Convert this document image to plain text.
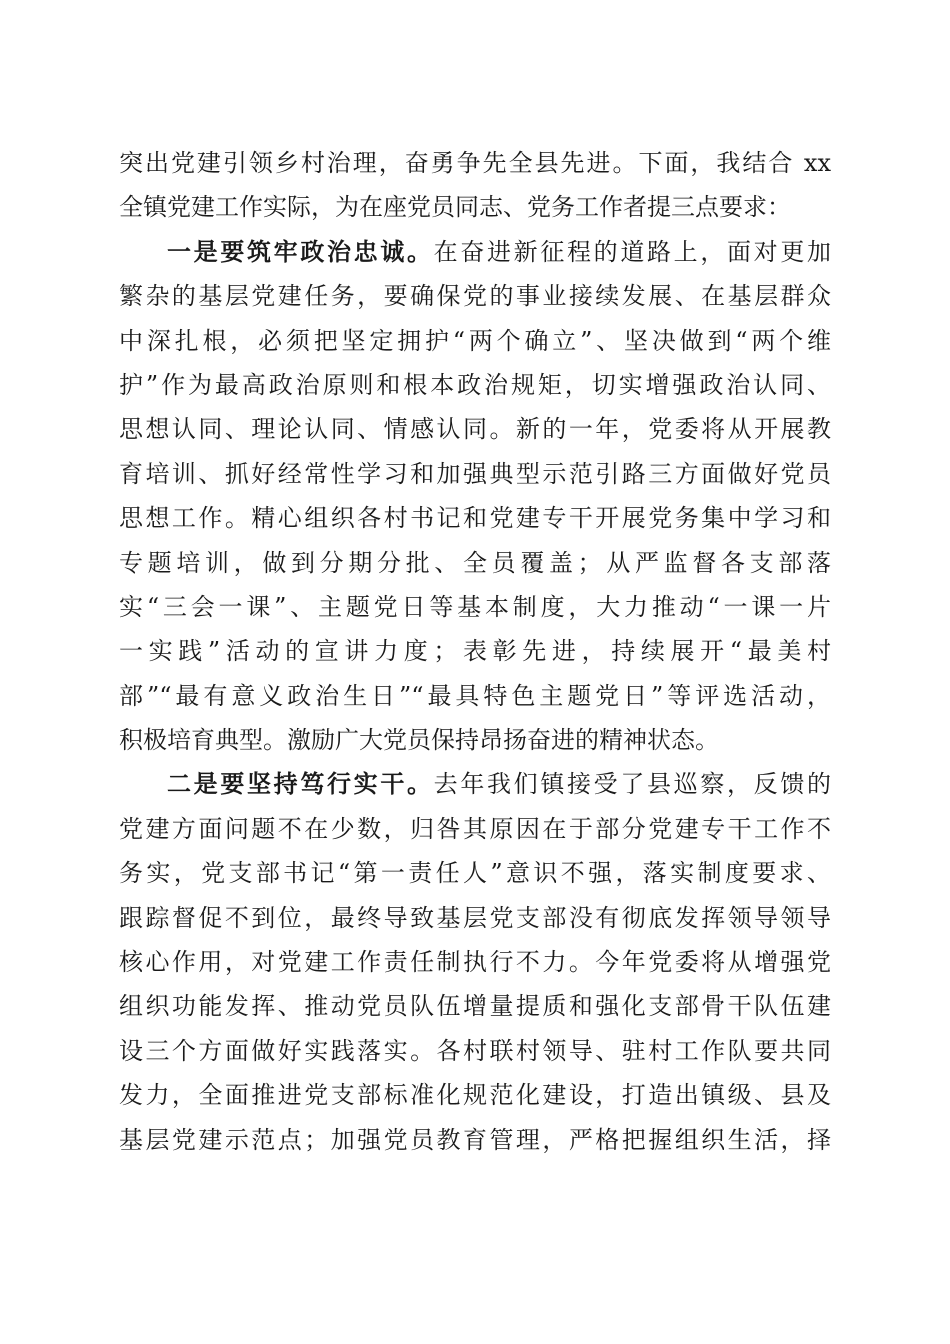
突出党建引领乡村治理，奋勇争先全县先进。下面，我结合 xx
全镇党建工作实际，为在座党员同志、党务工作者提三点要求：
一是要筑牢政治忠诚。在奋进新征程的道路上，面对更加
繁杂的基层党建任务，要确保党的事业接续发展、在基层群众
中深扎根，必须把坚定拥护“两个确立”、坚决做到“两个维
护”作为最高政治原则和根本政治规矩，切实增强政治认同、
思想认同、理论认同、情感认同。新的一年，党委将从开展教
育培训、抓好经常性学习和加强典型示范引路三方面做好党员
思想工作。精心组织各村书记和党建专干开展党务集中学习和
专题培训，做到分期分批、全员覆盖；从严监督各支部落
实“三会一课”、主题党日等基本制度，大力推动“一课一片
一实践”活动的宣讲力度；表彰先进，持续展开“最美村
部”“最有意义政治生日”“最具特色主题党日”等评选活动，
积极培育典型。激励广大党员保持昂扬奋进的精神状态。
二是要坚持笃行实干。去年我们镇接受了县巡察，反馈的
党建方面问题不在少数，归咎其原因在于部分党建专干工作不
务实，党支部书记“第一责任人”意识不强，落实制度要求、
跟踪督促不到位，最终导致基层党支部没有彻底发挥领导领导
核心作用，对党建工作责任制执行不力。今年党委将从增强党
组织功能发挥、推动党员队伍增量提质和强化支部骨干队伍建
设三个方面做好实践落实。各村联村领导、驻村工作队要共同
发力，全面推进党支部标准化规范化建设，打造出镇级、县及
基层党建示范点；加强党员教育管理，严格把握组织生活，择
